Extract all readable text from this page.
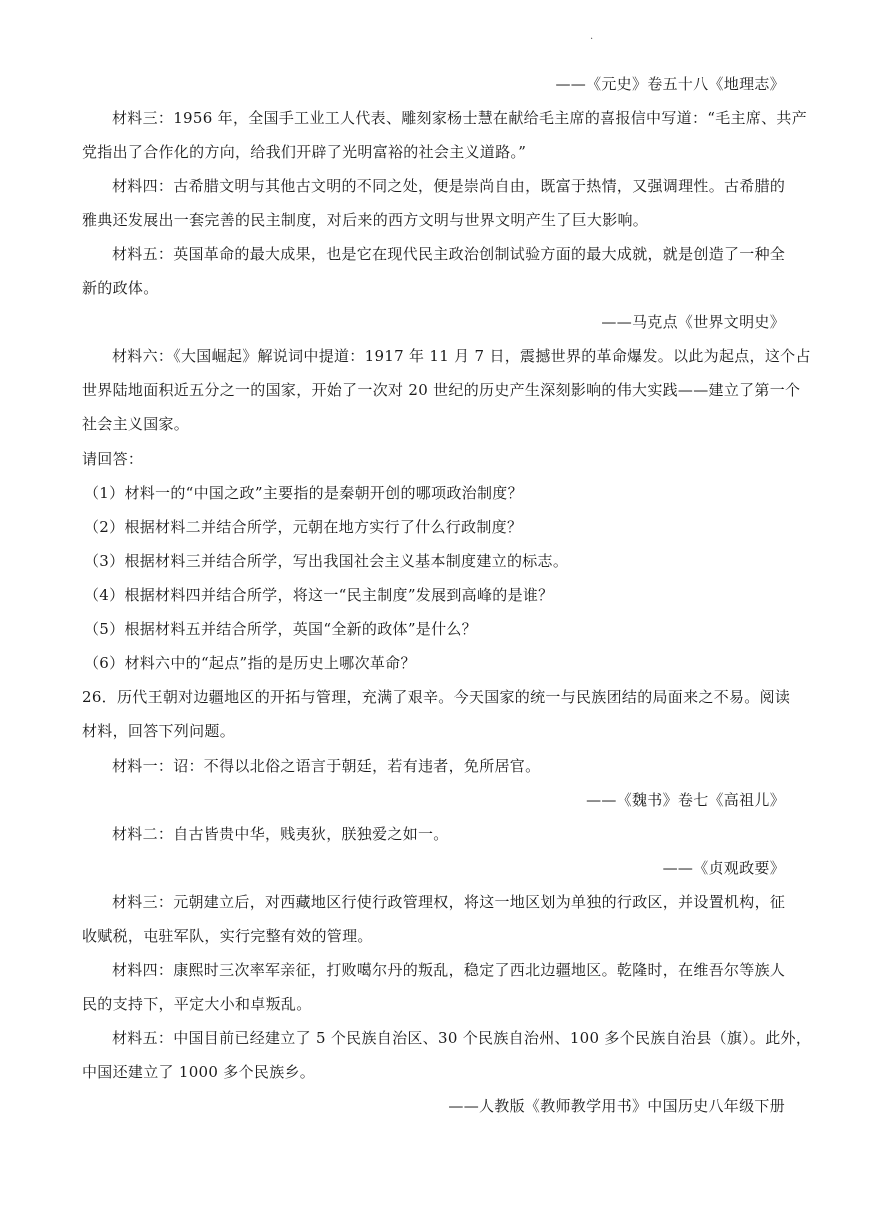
.
——《元史》卷五十八《地理志》
材料三：1956 年，全国手工业工人代表、雕刻家杨士慧在献给毛主席的喜报信中写道：“毛主席、共产
党指出了合作化的方向，给我们开辟了光明富裕的社会主义道路。”
材料四：古希腊文明与其他古文明的不同之处，便是崇尚自由，既富于热情，又强调理性。古希腊的
雅典还发展出一套完善的民主制度，对后来的西方文明与世界文明产生了巨大影响。
材料五：英国革命的最大成果，也是它在现代民主政治创制试验方面的最大成就，就是创造了一种全
新的政体。
——马克点《世界文明史》
材料六：《大国崛起》解说词中提道：1917 年 11 月 7 日，震撼世界的革命爆发。以此为起点，这个占
世界陆地面积近五分之一的国家，开始了一次对 20 世纪的历史产生深刻影响的伟大实践——建立了第一个
社会主义国家。
请回答：
（1）材料一的“中国之政”主要指的是秦朝开创的哪项政治制度？
（2）根据材料二并结合所学，元朝在地方实行了什么行政制度？
（3）根据材料三并结合所学，写出我国社会主义基本制度建立的标志。
（4）根据材料四并结合所学，将这一“民主制度”发展到高峰的是谁？
（5）根据材料五并结合所学，英国“全新的政体”是什么？
（6）材料六中的“起点”指的是历史上哪次革命？
26．历代王朝对边疆地区的开拓与管理，充满了艰辛。今天国家的统一与民族团结的局面来之不易。阅读
材料，回答下列问题。
材料一：诏：不得以北俗之语言于朝廷，若有违者，免所居官。
——《魏书》卷七《高祖儿》
材料二：自古皆贵中华，贱夷狄，朕独爱之如一。
——《贞观政要》
材料三：元朝建立后，对西藏地区行使行政管理权，将这一地区划为单独的行政区，并设置机构，征
收赋税，屯驻军队，实行完整有效的管理。
材料四：康熙时三次率军亲征，打败噶尔丹的叛乱，稳定了西北边疆地区。乾隆时，在维吾尔等族人
民的支持下，平定大小和卓叛乱。
材料五：中国目前已经建立了 5 个民族自治区、30 个民族自治州、100 多个民族自治县（旗）。此外，
中国还建立了 1000 多个民族乡。
——人教版《教师教学用书》中国历史八年级下册
